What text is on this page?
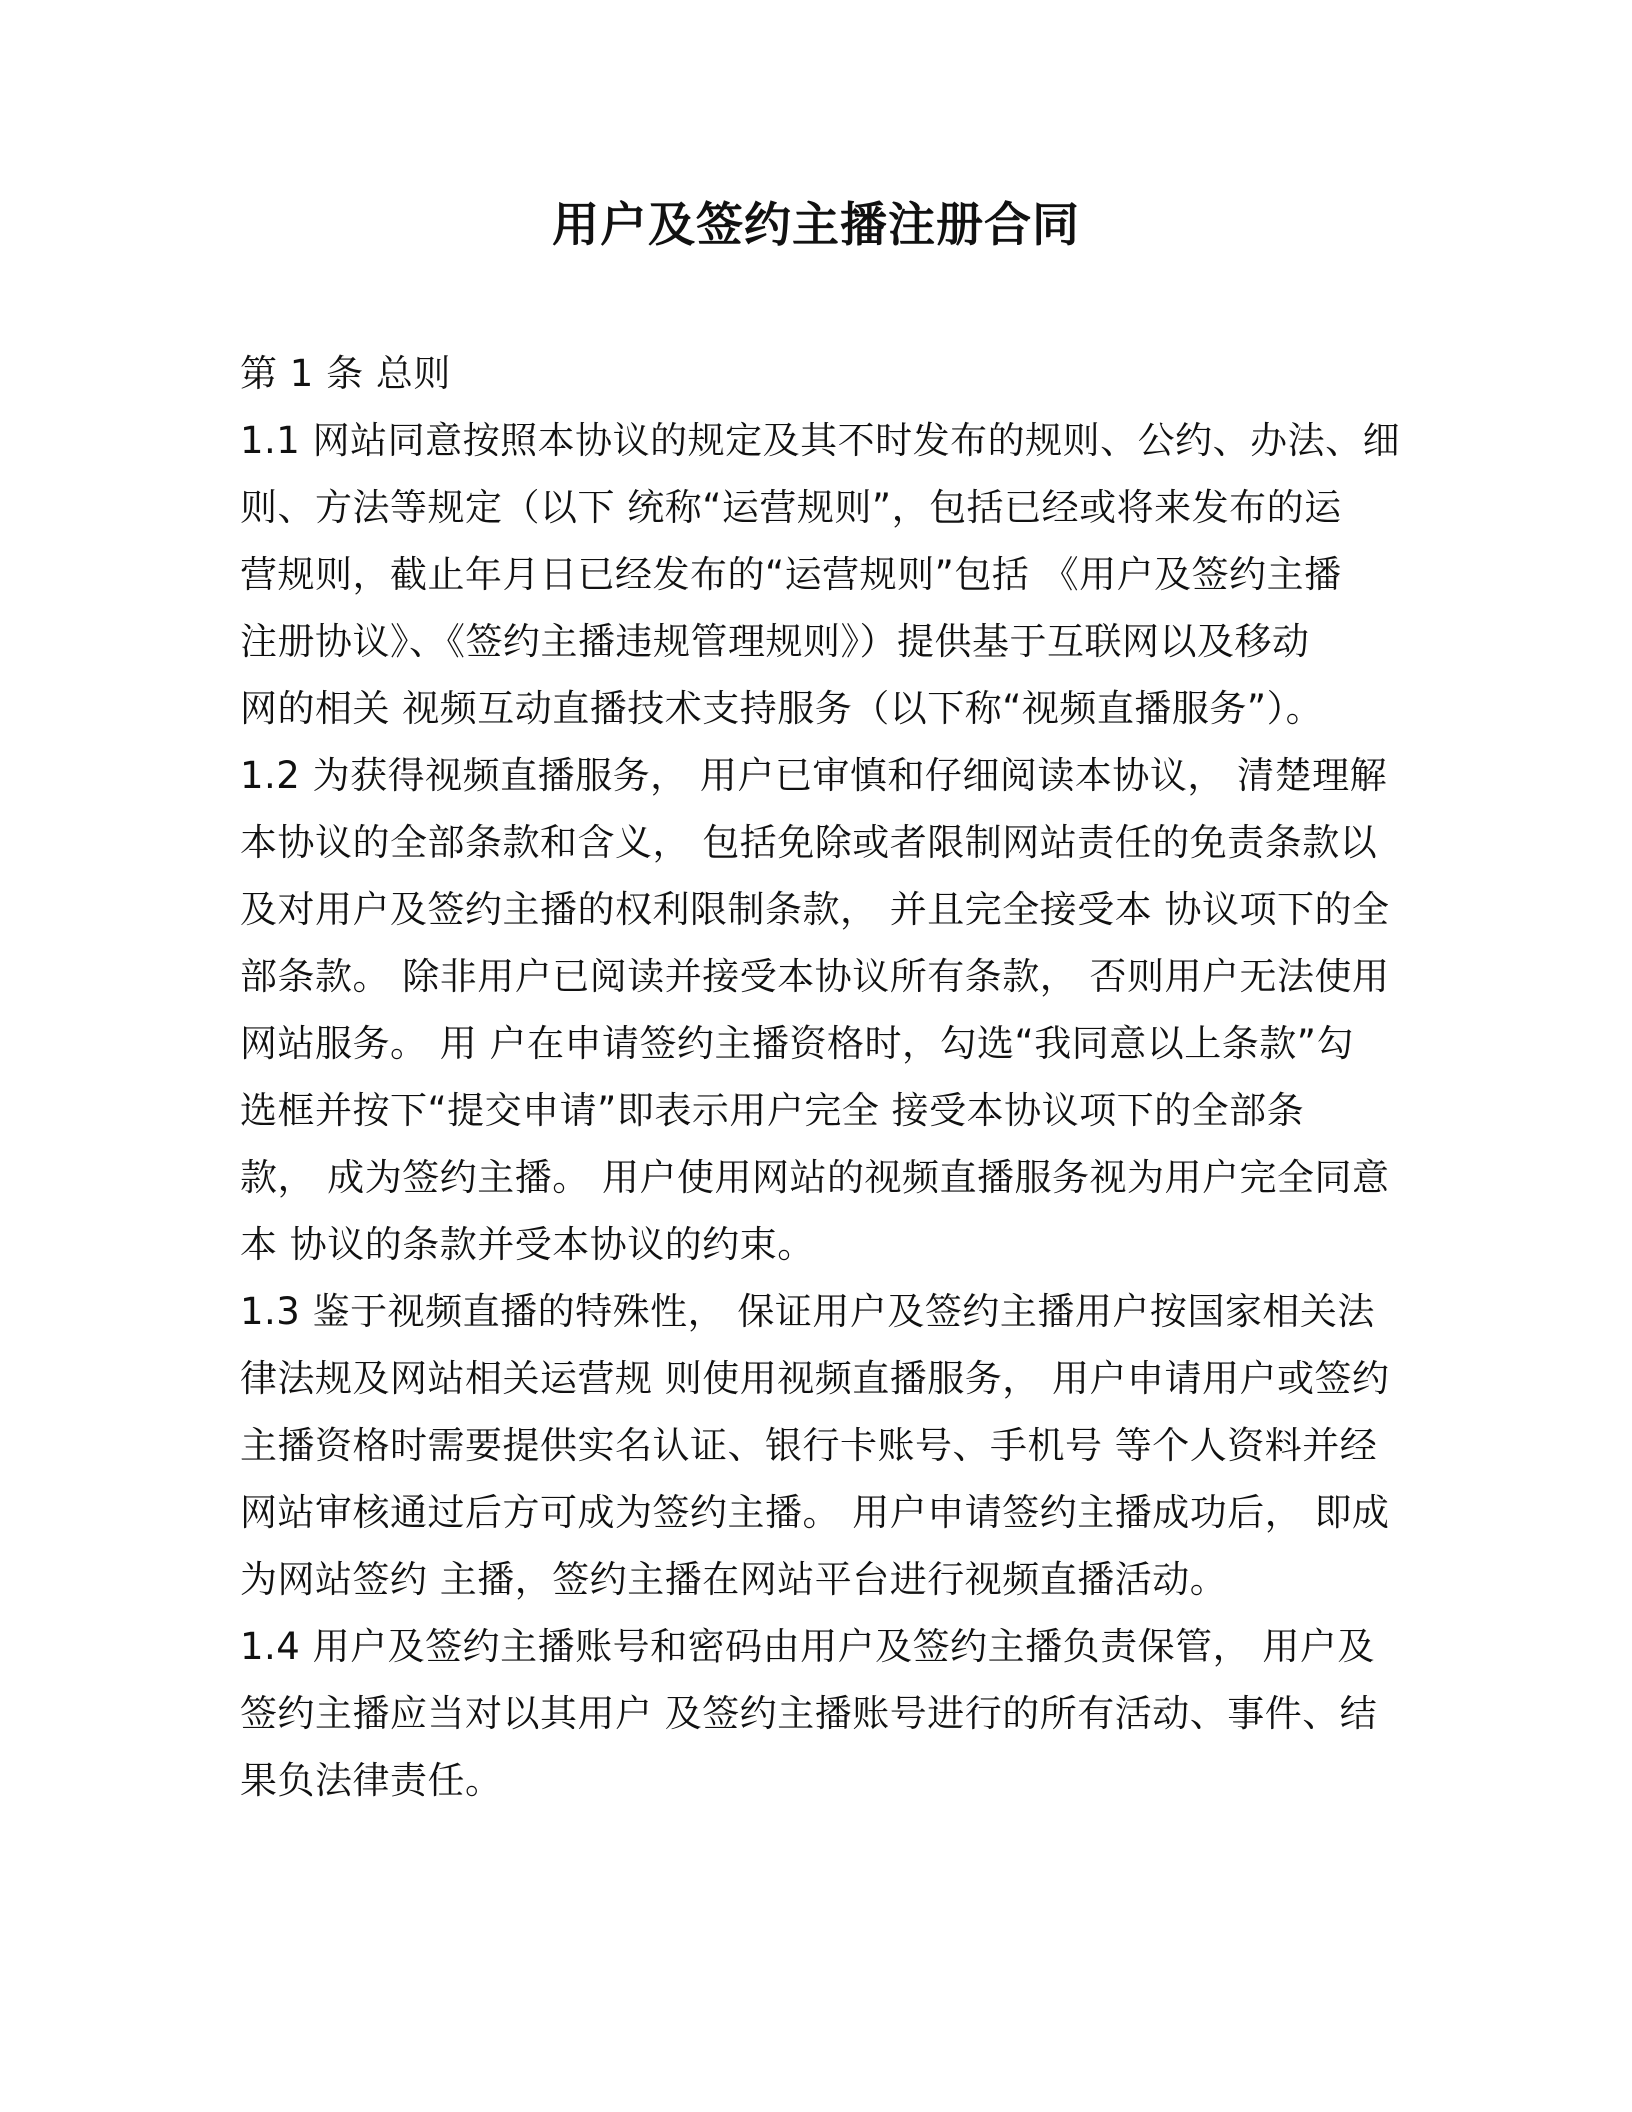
用户及签约主播注册合同
第 1 条 总则
1.1 网站同意按照本协议的规定及其不时发布的规则、公约、办法、细
则、方法等规定（以下 统称“运营规则”，包括已经或将来发布的运
营规则，截止年月日已经发布的“运营规则”包括 《用户及签约主播
注册协议》、《签约主播违规管理规则》）提供基于互联网以及移动
网的相关 视频互动直播技术支持服务（以下称“视频直播服务”）。
1.2 为获得视频直播服务， 用户已审慎和仔细阅读本协议， 清楚理解
本协议的全部条款和含义， 包括免除或者限制网站责任的免责条款以
及对用户及签约主播的权利限制条款， 并且完全接受本 协议项下的全
部条款。 除非用户已阅读并接受本协议所有条款， 否则用户无法使用
网站服务。 用 户在申请签约主播资格时，勾选“我同意以上条款”勾
选框并按下“提交申请”即表示用户完全 接受本协议项下的全部条
款， 成为签约主播。 用户使用网站的视频直播服务视为用户完全同意
本 协议的条款并受本协议的约束。
1.3 鉴于视频直播的特殊性， 保证用户及签约主播用户按国家相关法
律法规及网站相关运营规 则使用视频直播服务， 用户申请用户或签约
主播资格时需要提供实名认证、银行卡账号、手机号 等个人资料并经
网站审核通过后方可成为签约主播。 用户申请签约主播成功后， 即成
为网站签约 主播，签约主播在网站平台进行视频直播活动。
1.4 用户及签约主播账号和密码由用户及签约主播负责保管， 用户及
签约主播应当对以其用户 及签约主播账号进行的所有活动、事件、结
果负法律责任。
